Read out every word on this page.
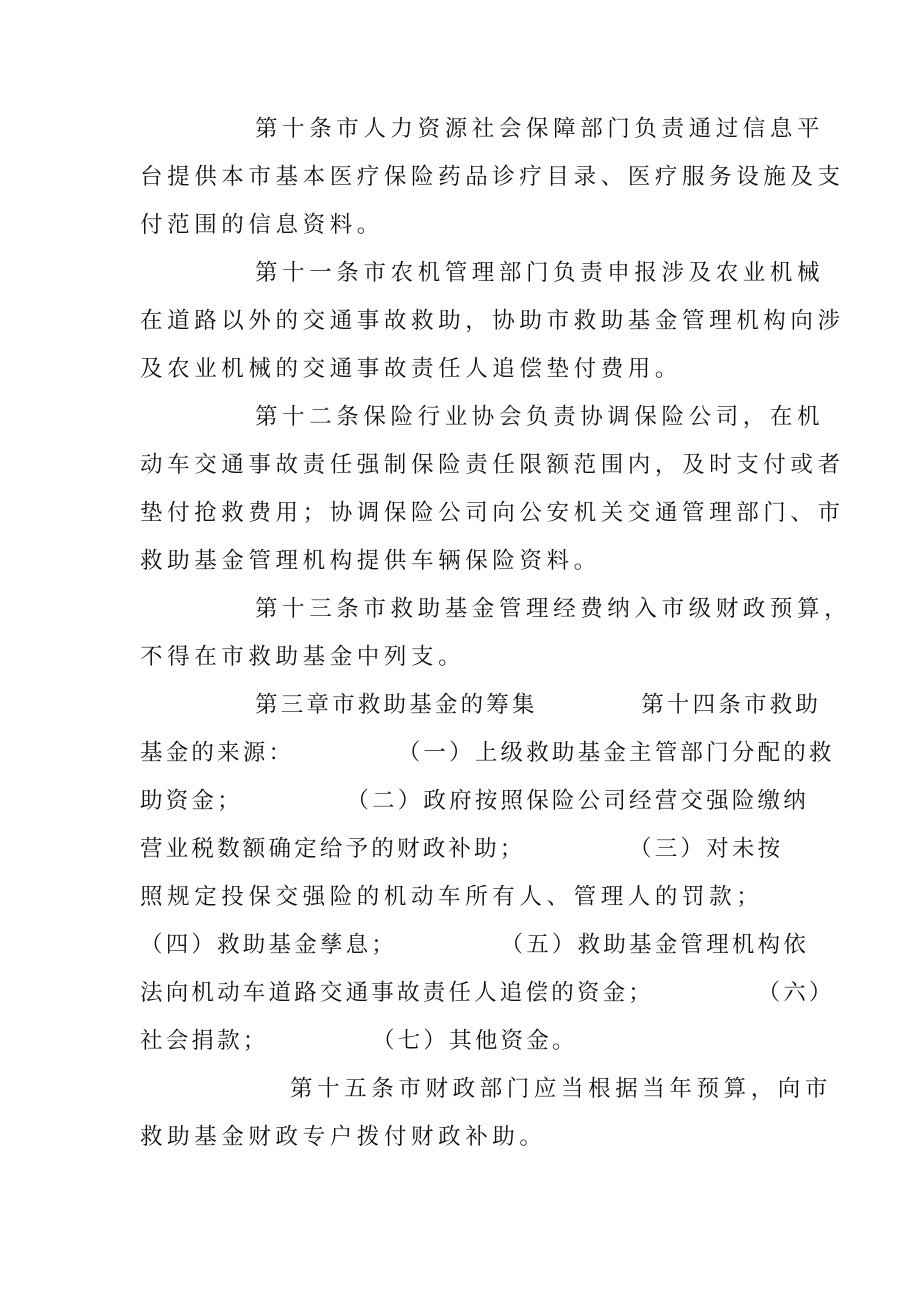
第十条市人力资源社会保障部门负责通过信息平
台提供本市基本医疗保险药品诊疗目录、医疗服务设施及支
付范围的信息资料。
第十一条市农机管理部门负责申报涉及农业机械
在道路以外的交通事故救助，协助市救助基金管理机构向涉
及农业机械的交通事故责任人追偿垫付费用。
第十二条保险行业协会负责协调保险公司，在机
动车交通事故责任强制保险责任限额范围内，及时支付或者
垫付抢救费用；协调保险公司向公安机关交通管理部门、市
救助基金管理机构提供车辆保险资料。
第十三条市救助基金管理经费纳入市级财政预算，
不得在市救助基金中列支。
第三章市救助基金的筹集          第十四条市救助
基金的来源：          （一）上级救助基金主管部门分配的救
助资金；          （二）政府按照保险公司经营交强险缴纳
营业税数额确定给予的财政补助；          （三）对未按
照规定投保交强险的机动车所有人、管理人的罚款；
（四）救助基金孳息；          （五）救助基金管理机构依
法向机动车道路交通事故责任人追偿的资金；          （六）
社会捐款；          （七）其他资金。
第十五条市财政部门应当根据当年预算，向市
救助基金财政专户拨付财政补助。
